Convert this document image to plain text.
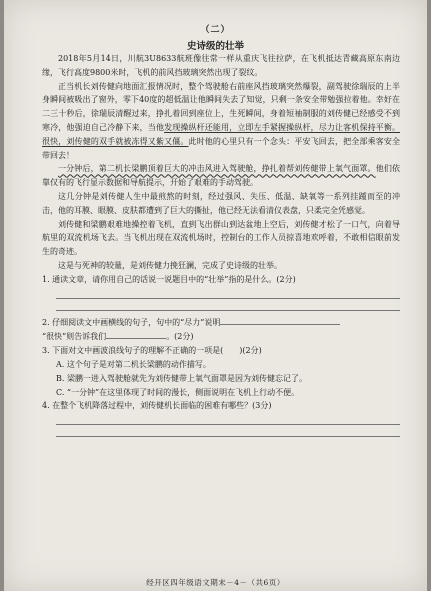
（二）
史诗级的壮举

2018年5月14日，川航3U8633航班像往常一样从重庆飞往拉萨，在飞机抵达青藏高原东南边缘，飞行高度9800米时，飞机的前风挡玻璃突然出现了裂纹。

正当机长刘传健向地面汇报情况时，整个驾驶舱右前座风挡玻璃突然爆裂，副驾驶徐瑞辰的上半身瞬间被吸出了窗外，零下40度的超低温让他瞬间失去了知觉，只剩一条安全带勉强拉着他。幸好在二三十秒后，徐瑞辰清醒过来，挣扎着回到座位上，生死瞬间，身着短袖制服的刘传健已经感受不到寒冷，他强迫自己冷静下来，当他发现操纵杆还能用，立即左手紧握操纵杆，尽力让客机保持平衡。很快，刘传健的双手就被冻得又紫又僵。此时他的心里只有一个念头：平安飞回去，把全部乘客安全带回去！

一分钟后，第二机长梁鹏顶着巨大的冲击风进入驾驶舱，挣扎着帮刘传健带上氧气面罩。他们依靠仅有的飞行显示数据和导航提示，开始了艰难的手动驾驶。

这几分钟是刘传健人生中最煎熬的时刻，经过强风、失压、低温、缺氧等一系列挂踵而至的冲击，他的耳膜、眼膜、皮肤都遭到了巨大的撕扯，他已经无法看清仪表盘，只柔完全凭感觉。

刘传健和梁鹏艰难地操控着飞机，直到飞出群山到达盆地上空后，刘传健才松了一口气，向着导航里的双流机场飞去。当飞机出现在双流机场时，控制台的工作人员掠喜地欢呼着，不敢相信眼前发生的奇迹。

这是与死神的较量，是刘传健力挽狂澜，完成了史诗级的壮举。

1. 通读文章，请你用自己的话说一说题目中的“壮举”指的是什么。(2分)

2. 仔细阅读文中画横线的句子，句中的“尽力”说明
“很快”则告诉我们	。(2分)

3. 下面对文中画波浪线句子的理解不正确的一项是(　　)(2分)

A. 这个句子是对第二机长梁鹏的动作描写。

B. 梁鹏一进入驾驶舱就先为刘传健带上氧气面罩是因为刘传健忘记了。

C. “一分钟”在这里体现了时间的漫长，侧面说明在飞机上行动不便。

4. 在整个飞机降落过程中，刘传健机长面临的困难有哪些？(3分)

经开区四年级语文期末－4－（共6页）
